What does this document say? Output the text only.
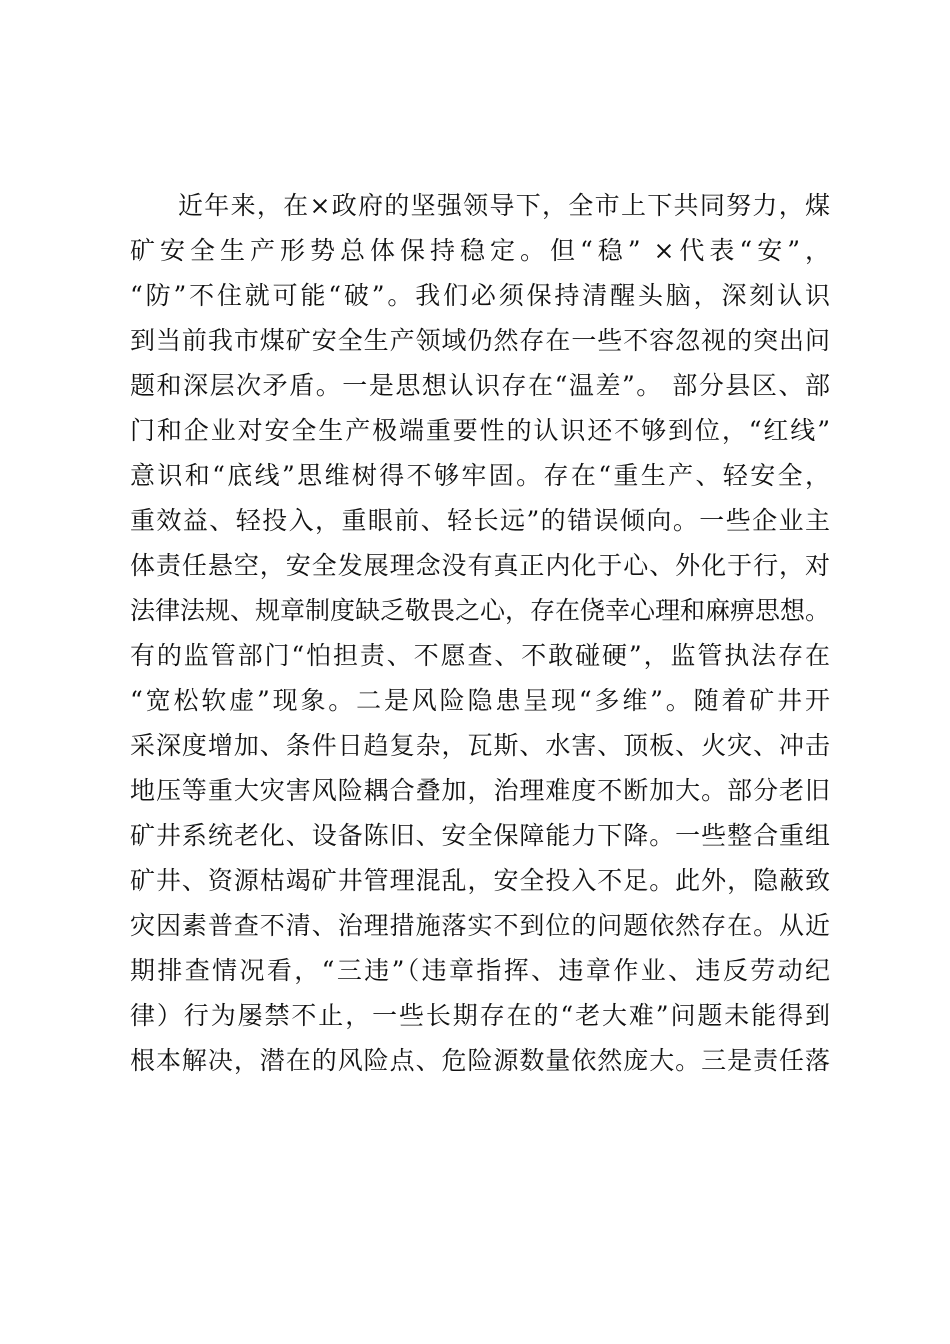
近年来，在×政府的坚强领导下，全市上下共同努力，煤
矿安全生产形势总体保持稳定。但“稳” ×代表“安”，
“防”不住就可能“破”。我们必须保持清醒头脑，深刻认识
到当前我市煤矿安全生产领域仍然存在一些不容忽视的突出问
题和深层次矛盾。一是思想认识存在“温差”。 部分县区、部
门和企业对安全生产极端重要性的认识还不够到位，“红线”
意识和“底线”思维树得不够牢固。存在“重生产、轻安全，
重效益、轻投入，重眼前、轻长远”的错误倾向。一些企业主
体责任悬空，安全发展理念没有真正内化于心、外化于行，对
法律法规、规章制度缺乏敬畏之心，存在侥幸心理和麻痹思想。
有的监管部门“怕担责、不愿查、不敢碰硬”，监管执法存在
“宽松软虚”现象。二是风险隐患呈现“多维”。随着矿井开
采深度增加、条件日趋复杂，瓦斯、水害、顶板、火灾、冲击
地压等重大灾害风险耦合叠加，治理难度不断加大。部分老旧
矿井系统老化、设备陈旧、安全保障能力下降。一些整合重组
矿井、资源枯竭矿井管理混乱，安全投入不足。此外，隐蔽致
灾因素普查不清、治理措施落实不到位的问题依然存在。从近
期排查情况看，“三违”（违章指挥、违章作业、违反劳动纪
律）行为屡禁不止，一些长期存在的“老大难”问题未能得到
根本解决，潜在的风险点、危险源数量依然庞大。三是责任落
